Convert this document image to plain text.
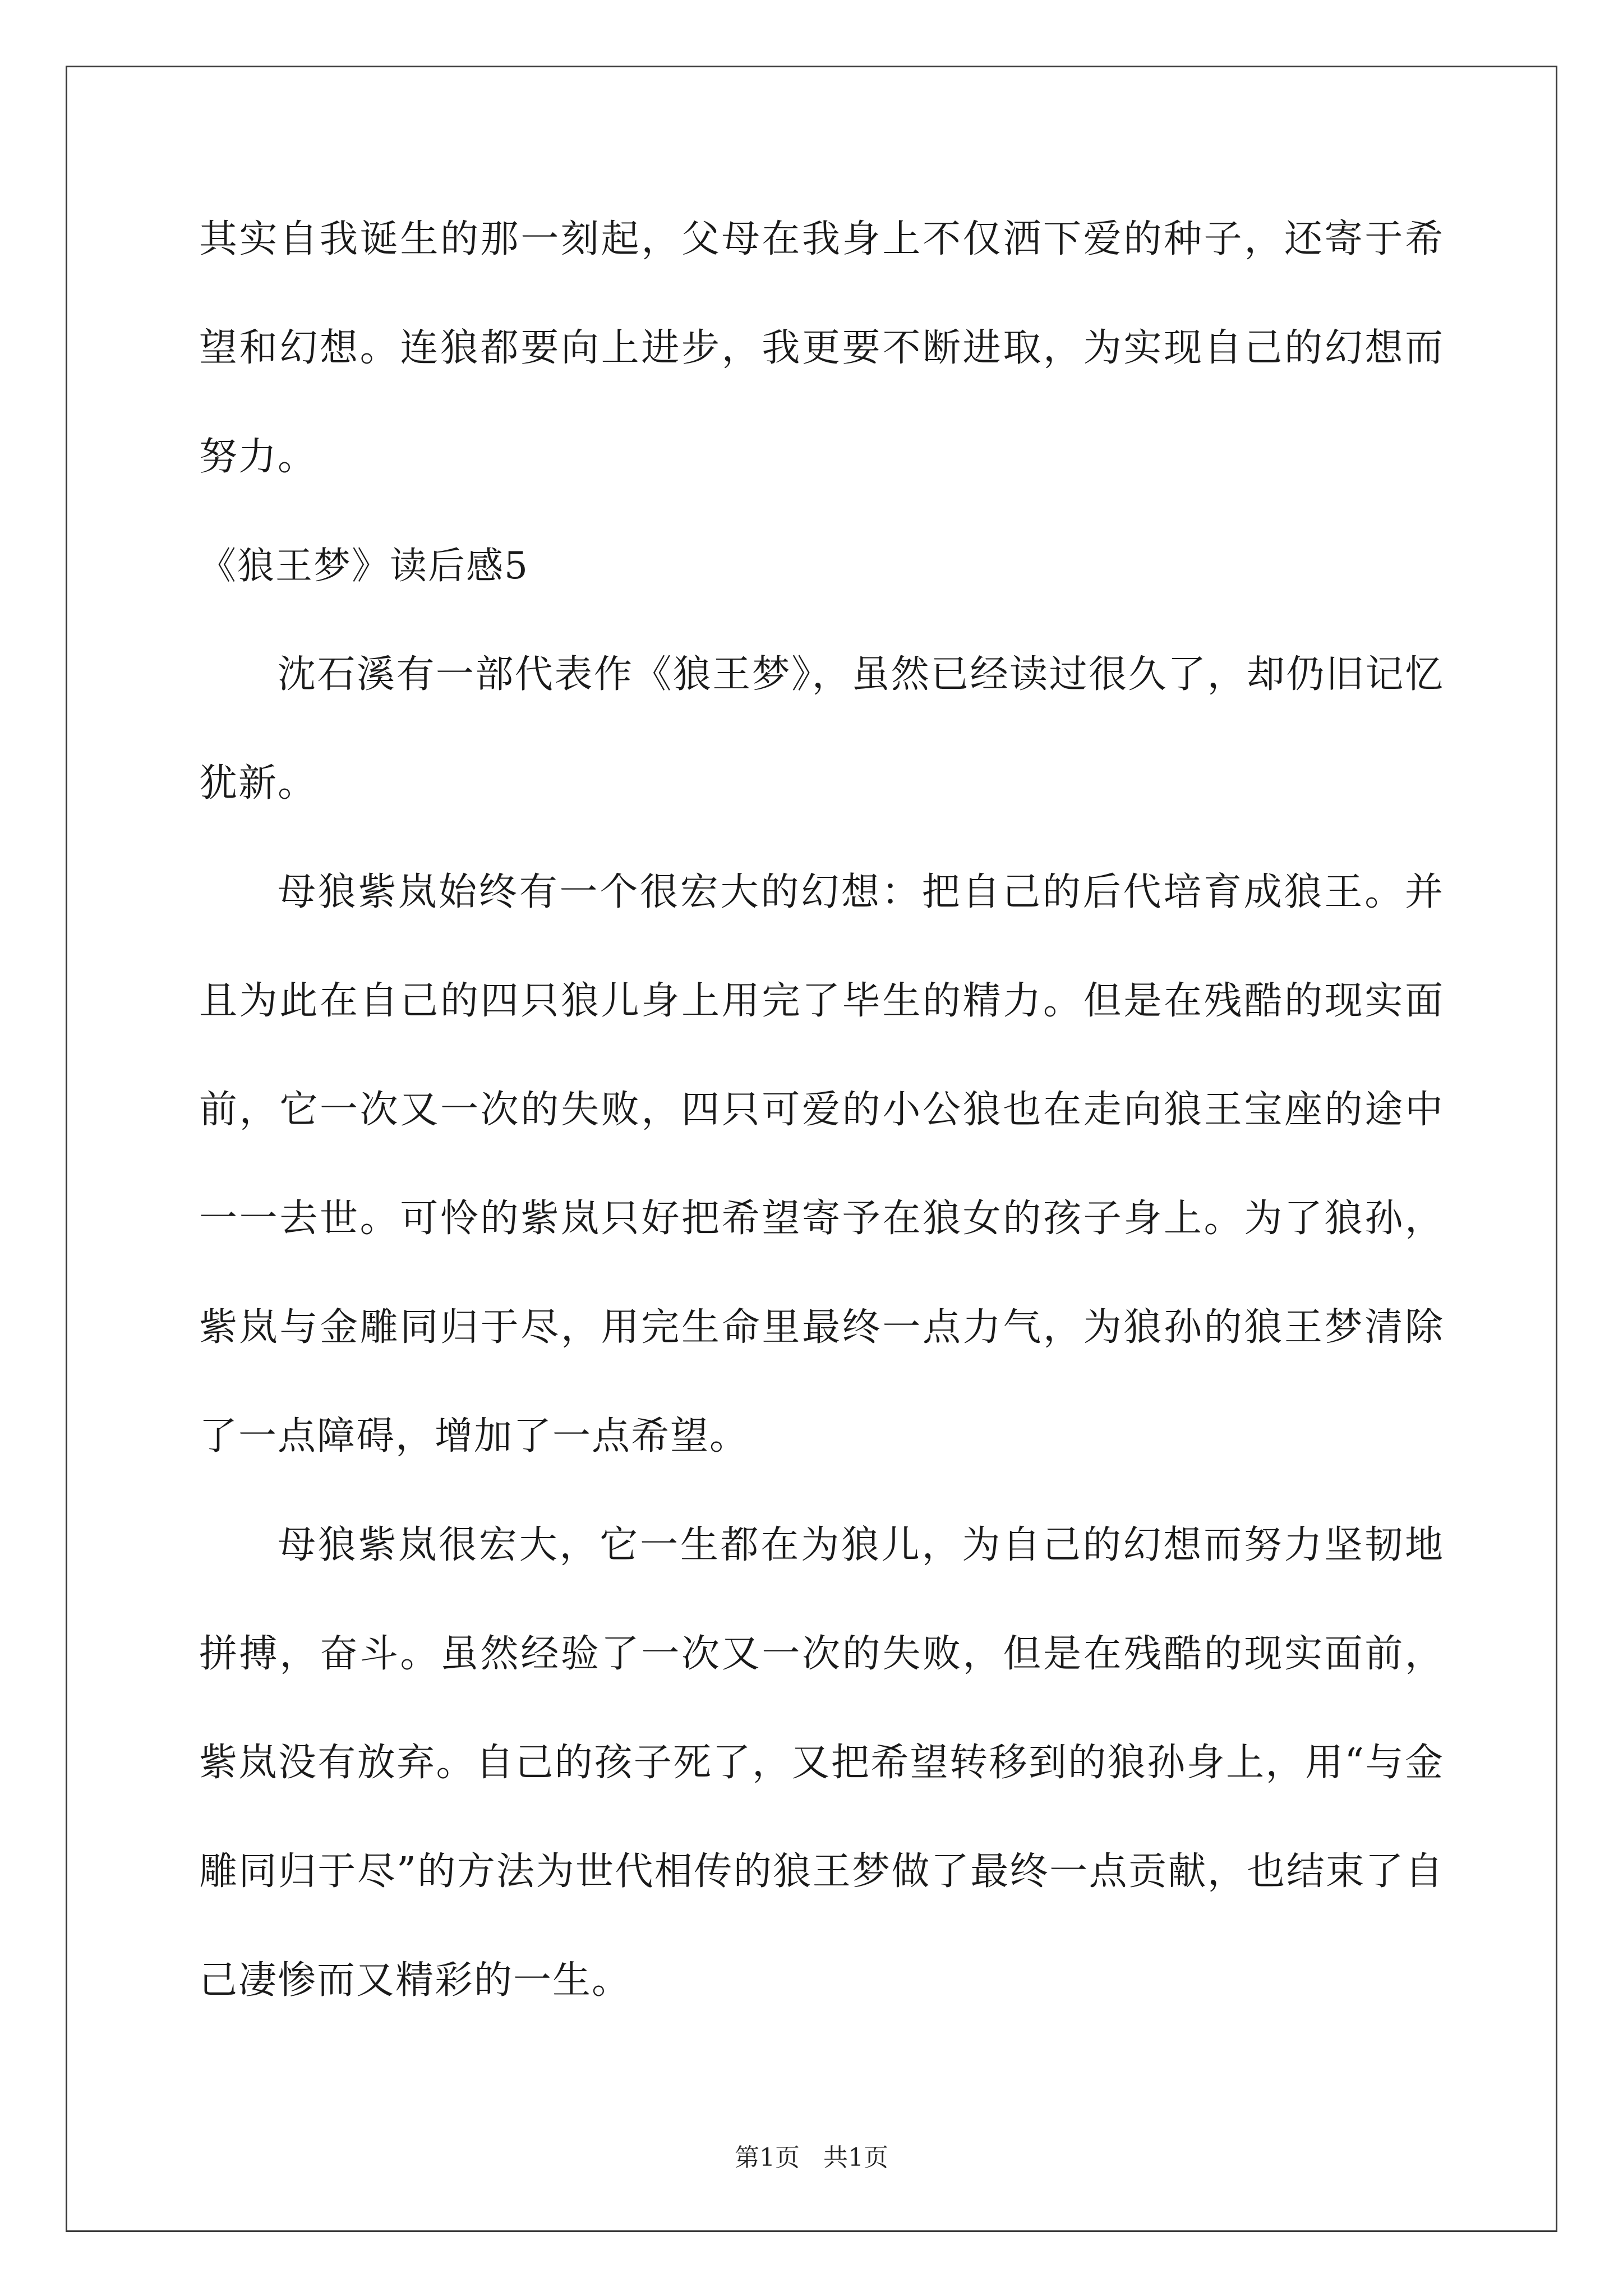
其实自我诞生的那一刻起，父母在我身上不仅洒下爱的种子，还寄于希望和幻想。连狼都要向上进步，我更要不断进取，为实现自己的幻想而努力。

《狼王梦》读后感5

沈石溪有一部代表作《狼王梦》，虽然已经读过很久了，却仍旧记忆犹新。

母狼紫岚始终有一个很宏大的幻想：把自己的后代培育成狼王。并且为此在自己的四只狼儿身上用完了毕生的精力。但是在残酷的现实面前，它一次又一次的失败，四只可爱的小公狼也在走向狼王宝座的途中一一去世。可怜的紫岚只好把希望寄予在狼女的孩子身上。为了狼孙，紫岚与金雕同归于尽，用完生命里最终一点力气，为狼孙的狼王梦清除了一点障碍，增加了一点希望。

母狼紫岚很宏大，它一生都在为狼儿，为自己的幻想而努力坚韧地拼搏，奋斗。虽然经验了一次又一次的失败，但是在残酷的现实面前，紫岚没有放弃。自己的孩子死了，又把希望转移到的狼孙身上，用“与金雕同归于尽”的方法为世代相传的狼王梦做了最终一点贡献，也结束了自己凄惨而又精彩的一生。

第1页   共1页
